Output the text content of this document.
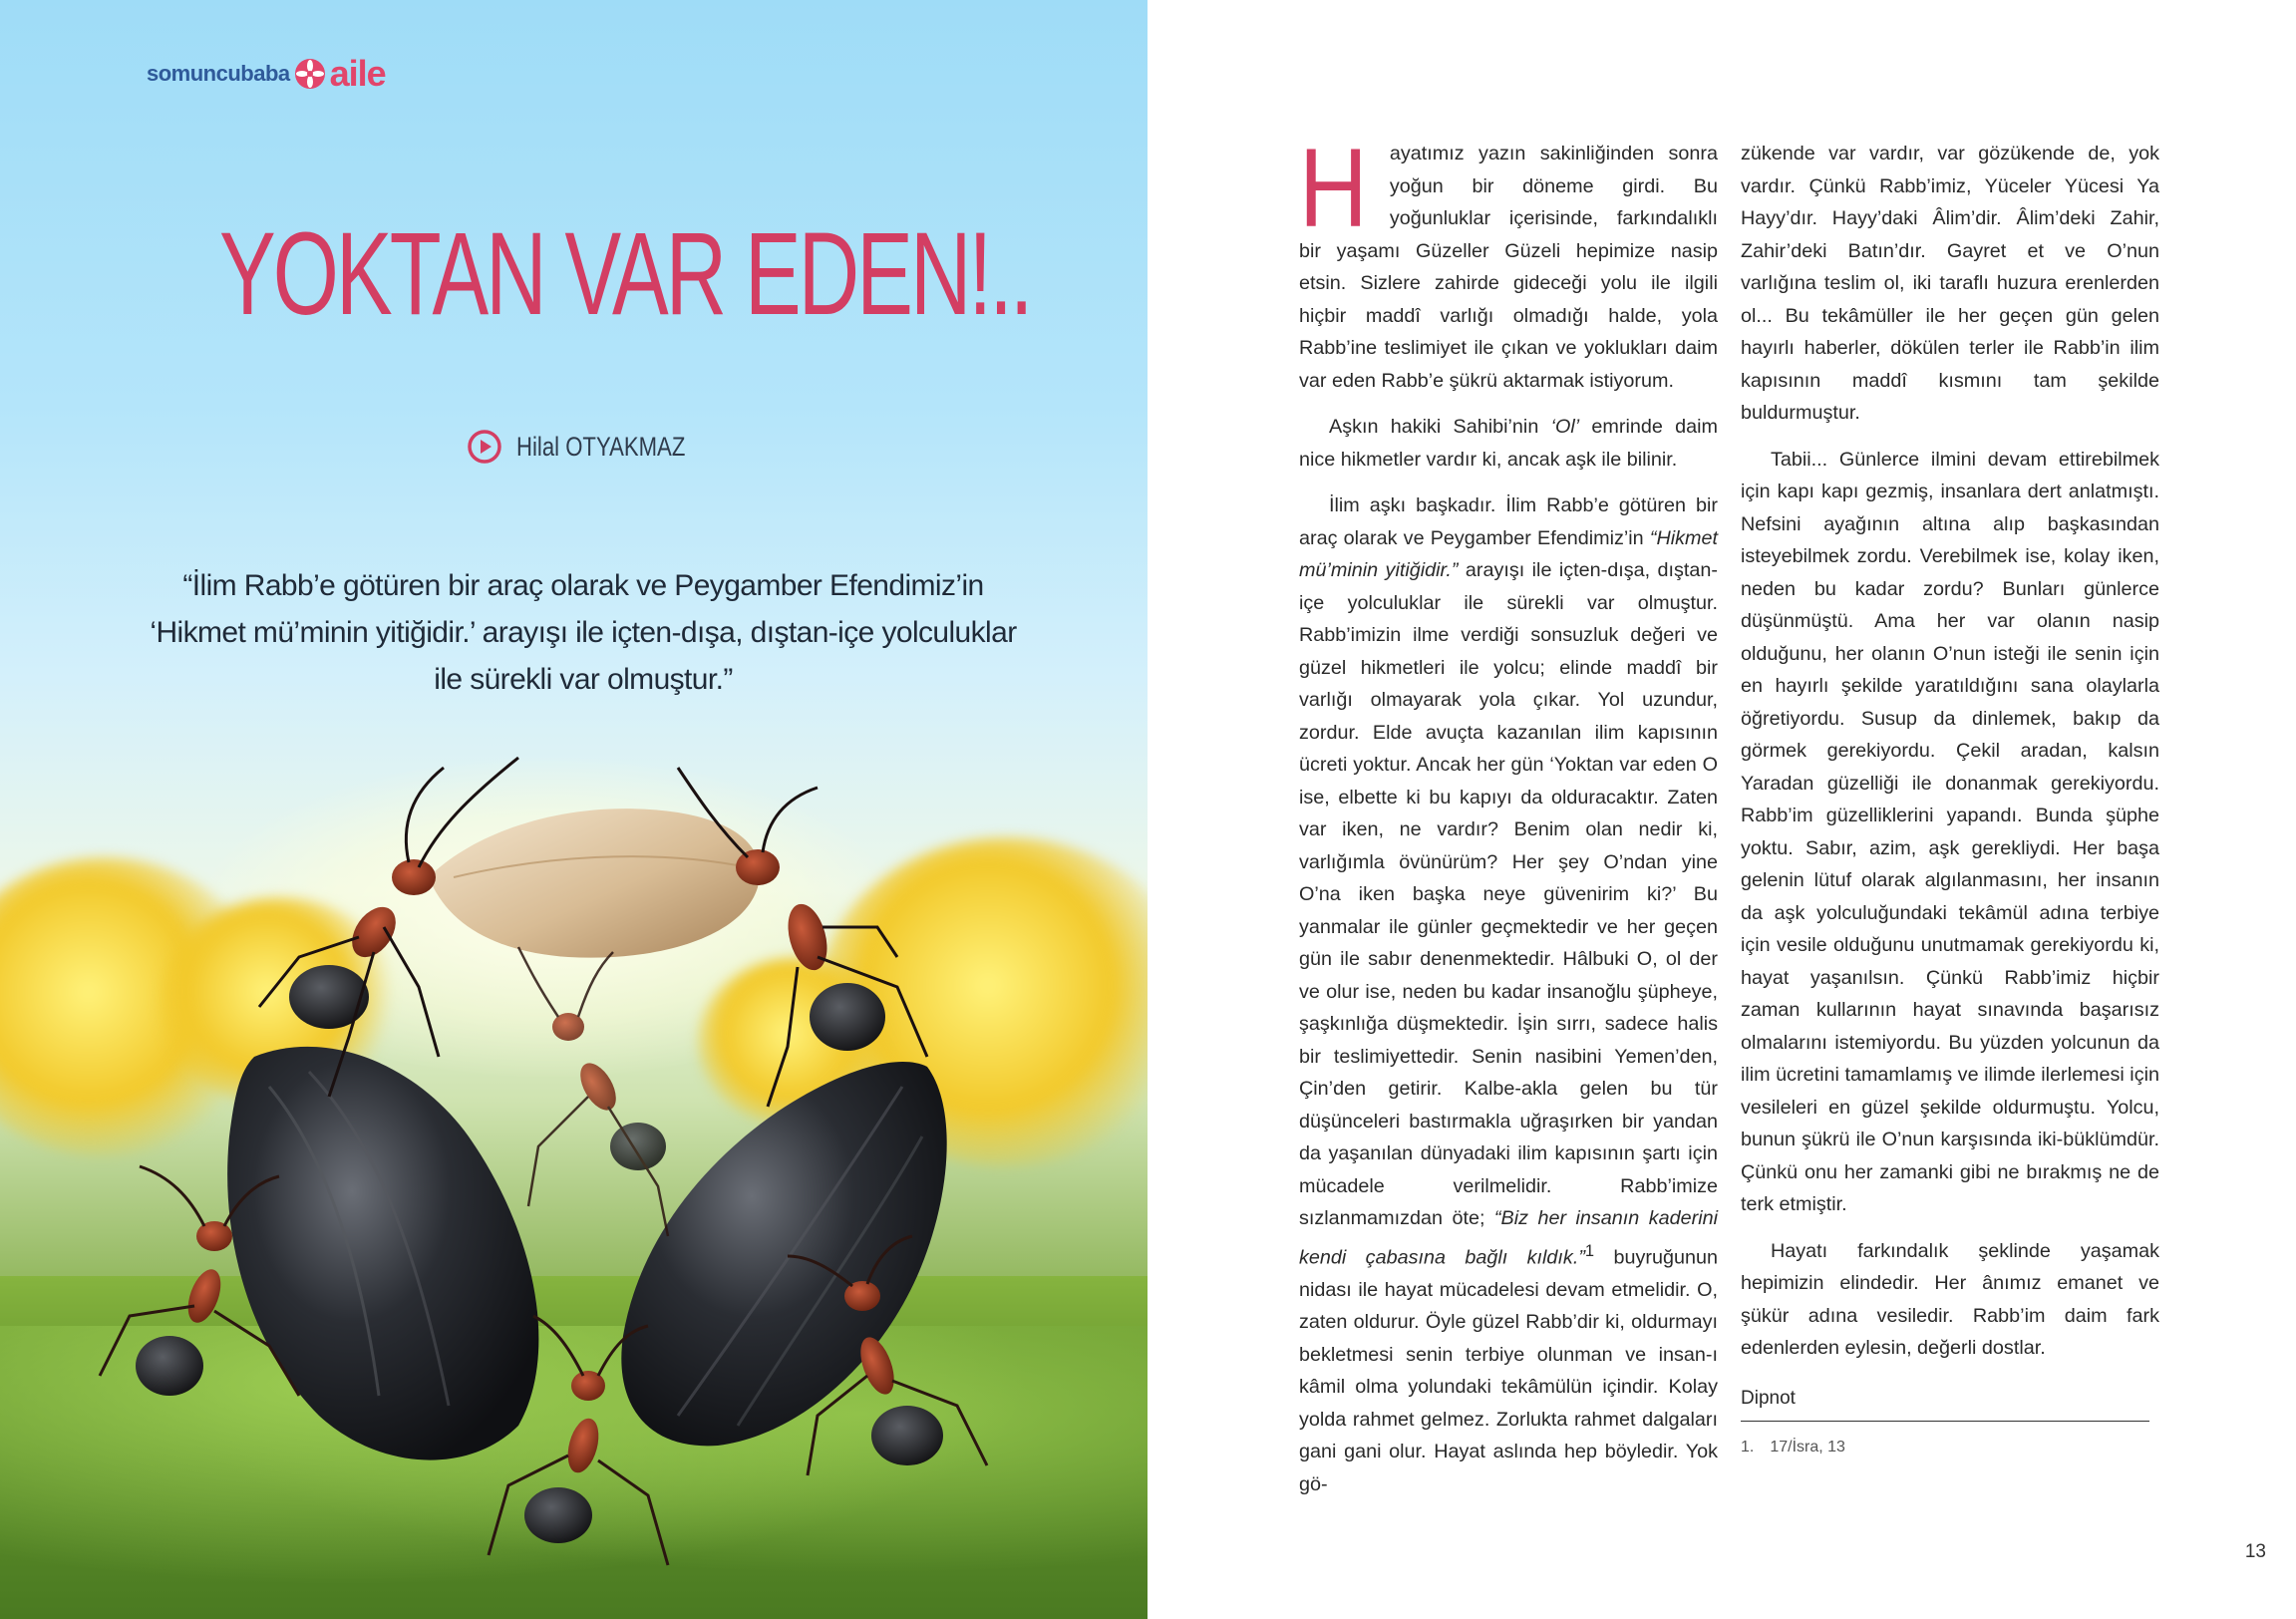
somuncubaba aile
YOKTAN VAR EDEN!..
Hilal OTYAKMAZ
“İlim Rabb’e götüren bir araç olarak ve Peygamber Efendimiz’in ‘Hikmet mü’minin yitiğidir.’ arayışı ile içten-dışa, dıştan-içe yolculuklar ile sürekli var olmuştur.”

H ayatımız yazın sakinliğinden sonra yoğun bir döneme girdi. Bu yoğunluklar içerisinde, farkındalıklı bir yaşamı Güzeller Güzeli hepimize nasip etsin. Sizlere zahirde gideceği yolu ile ilgili hiçbir maddî varlığı olmadığı halde, yola Rabb’ine teslimiyet ile çıkan ve yoklukları daim var eden Rabb’e şükrü aktarmak istiyorum.

Aşkın hakiki Sahibi’nin ‘Ol’ emrinde daim nice hikmetler vardır ki, ancak aşk ile bilinir.

İlim aşkı başkadır. İlim Rabb’e götüren bir araç olarak ve Peygamber Efendimiz’in “Hikmet mü’minin yitiğidir.” arayışı ile içten-dışa, dıştan-içe yolculuklar ile sürekli var olmuştur. Rabb’imizin ilme verdiği sonsuzluk değeri ve güzel hikmetleri ile yolcu; elinde maddî bir varlığı olmayarak yola çıkar. Yol uzundur, zordur. Elde avuçta kazanılan ilim kapısının ücreti yoktur. Ancak her gün ‘Yoktan var eden O ise, elbette ki bu kapıyı da olduracaktır. Zaten var iken, ne vardır? Benim olan nedir ki, varlığımla övünürüm? Her şey O’ndan yine O’na iken başka neye güvenirim ki?’ Bu yanmalar ile günler geçmektedir ve her geçen gün ile sabır denenmektedir. Hâlbuki O, ol der ve olur ise, neden bu kadar insanoğlu şüpheye, şaşkınlığa düşmektedir. İşin sırrı, sadece halis bir teslimiyettedir. Senin nasibini Yemen’den, Çin’den getirir. Kalbe-akla gelen bu tür düşünceleri bastırmakla uğraşırken bir yandan da yaşanılan dünyadaki ilim kapısının şartı için mücadele verilmelidir. Rabb’imize sızlanmamızdan öte; “Biz her insanın kaderini kendi çabasına bağlı kıldık.”$^1$ buyruğunun nidası ile hayat mücadelesi devam etmelidir. O, zaten oldurur. Öyle güzel Rabb’dir ki, oldurmayı bekletmesi senin terbiye olunman ve insan-ı kâmil olma yolundaki tekâmülün içindir. Kolay yolda rahmet gelmez. Zorlukta rahmet dalgaları gani gani olur. Hayat aslında hep böyledir. Yok gö-

zükende var vardır, var gözükende de, yok vardır. Çünkü Rabb’imiz, Yüceler Yücesi Ya Hayy’dır. Hayy’daki Âlim’dir. Âlim’deki Zahir, Zahir’deki Batın’dır. Gayret et ve O’nun varlığına teslim ol, iki taraflı huzura erenlerden ol... Bu tekâmüller ile her geçen gün gelen hayırlı haberler, dökülen terler ile Rabb’in ilim kapısının maddî kısmını tam şekilde buldurmuştur.

Tabii... Günlerce ilmini devam ettirebilmek için kapı kapı gezmiş, insanlara dert anlatmıştı. Nefsini ayağının altına alıp başkasından isteyebilmek zordu. Verebilmek ise, kolay iken, neden bu kadar zordu? Bunları günlerce düşünmüştü. Ama her var olanın nasip olduğunu, her olanın O’nun isteği ile senin için en hayırlı şekilde yaratıldığını sana olaylarla öğretiyordu. Susup da dinlemek, bakıp da görmek gerekiyordu. Çekil aradan, kalsın Yaradan güzelliği ile donanmak gerekiyordu. Rabb’im güzelliklerini yapandı. Bunda şüphe yoktu. Sabır, azim, aşk gerekliydi. Her başa gelenin lütuf olarak algılanmasını, her insanın da aşk yolculuğundaki tekâmül adına terbiye için vesile olduğunu unutmamak gerekiyordu ki, hayat yaşanılsın. Çünkü Rabb’imiz hiçbir zaman kullarının hayat sınavında başarısız olmalarını istemiyordu. Bu yüzden yolcunun da ilim ücretini tamamlamış ve ilimde ilerlemesi için vesileleri en güzel şekilde oldurmuştu. Yolcu, bunun şükrü ile O’nun karşısında iki-büklümdür. Çünkü onu her zamanki gibi ne bırakmış ne de terk etmiştir.

Hayatı farkındalık şeklinde yaşamak hepimizin elindedir. Her ânımız emanet ve şükür adına vesiledir. Rabb’im daim fark edenlerden eylesin, değerli dostlar.

Dipnot
1. 17/İsra, 13
13
